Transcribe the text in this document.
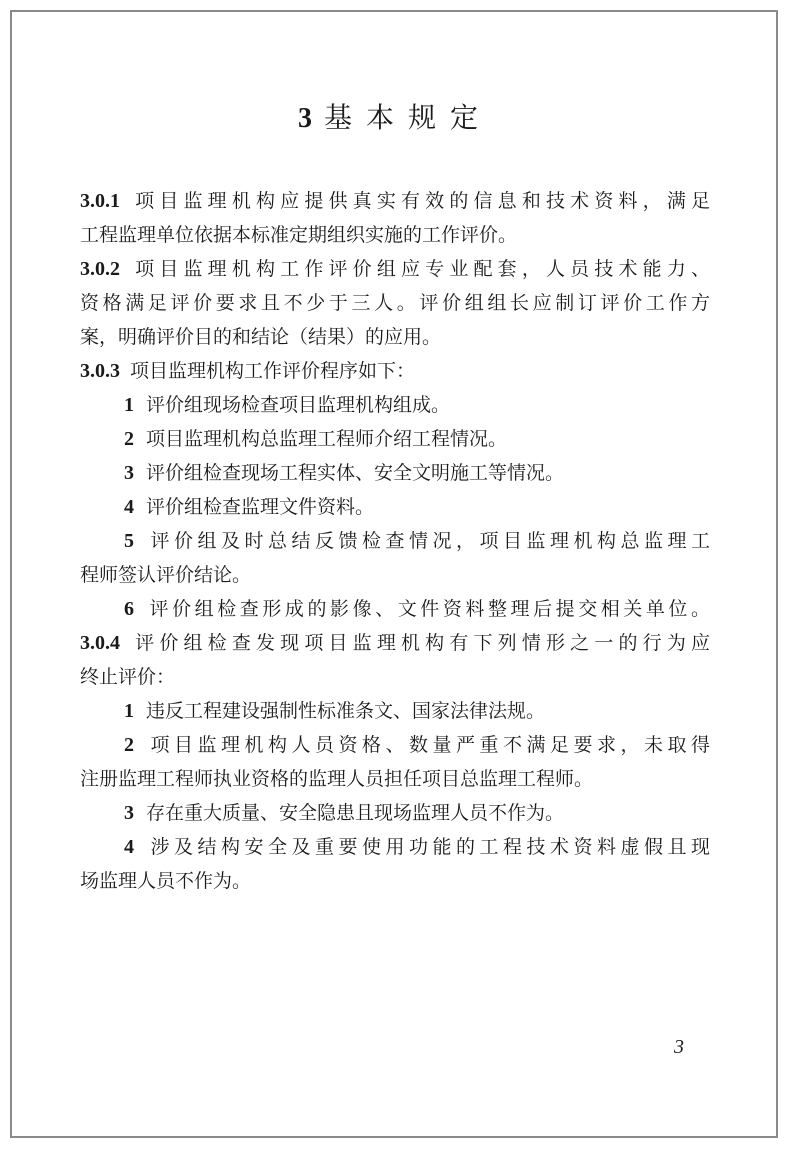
3 基本规定
3.0.1 项目监理机构应提供真实有效的信息和技术资料，满足
工程监理单位依据本标准定期组织实施的工作评价。
3.0.2 项目监理机构工作评价组应专业配套，人员技术能力、
资格满足评价要求且不少于三人。评价组组长应制订评价工作方
案，明确评价目的和结论（结果）的应用。
3.0.3 项目监理机构工作评价程序如下：
1 评价组现场检查项目监理机构组成。
2 项目监理机构总监理工程师介绍工程情况。
3 评价组检查现场工程实体、安全文明施工等情况。
4 评价组检查监理文件资料。
5 评价组及时总结反馈检查情况，项目监理机构总监理工
程师签认评价结论。
6 评价组检查形成的影像、文件资料整理后提交相关单位。
3.0.4 评价组检查发现项目监理机构有下列情形之一的行为应
终止评价：
1 违反工程建设强制性标准条文、国家法律法规。
2 项目监理机构人员资格、数量严重不满足要求，未取得
注册监理工程师执业资格的监理人员担任项目总监理工程师。
3 存在重大质量、安全隐患且现场监理人员不作为。
4 涉及结构安全及重要使用功能的工程技术资料虚假且现
场监理人员不作为。
3
